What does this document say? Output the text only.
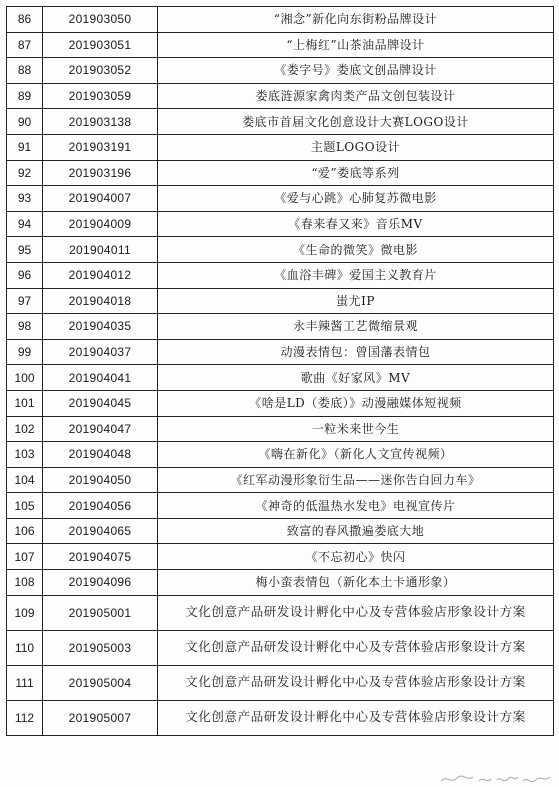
86	201903050	“湘念”新化向东街粉品牌设计
87	201903051	“上梅红”山茶油品牌设计
88	201903052	《娄字号》娄底文创品牌设计
89	201903059	娄底涟源家禽肉类产品文创包装设计
90	201903138	娄底市首届文化创意设计大赛LOGO设计
91	201903191	主题LOGO设计
92	201903196	“爱”娄底等系列
93	201904007	《爱与心跳》心肺复苏微电影
94	201904009	《春来春又来》音乐MV
95	201904011	《生命的微笑》微电影
96	201904012	《血浴丰碑》爱国主义教育片
97	201904018	蚩尤IP
98	201904035	永丰辣酱工艺微缩景观
99	201904037	动漫表情包：曾国藩表情包
100	201904041	歌曲《好家风》MV
101	201904045	《啥是LD（娄底）》动漫融媒体短视频
102	201904047	一粒米来世今生
103	201904048	《嗨在新化》（新化人文宣传视频）
104	201904050	《红军动漫形象衍生品——迷你告白回力车》
105	201904056	《神奇的低温热水发电》电视宣传片
106	201904065	致富的春风撒遍娄底大地
107	201904075	《不忘初心》快闪
108	201904096	梅小蛮表情包（新化本土卡通形象）
109	201905001	文化创意产品研发设计孵化中心及专营体验店形象设计方案
110	201905003	文化创意产品研发设计孵化中心及专营体验店形象设计方案
111	201905004	文化创意产品研发设计孵化中心及专营体验店形象设计方案
112	201905007	文化创意产品研发设计孵化中心及专营体验店形象设计方案
